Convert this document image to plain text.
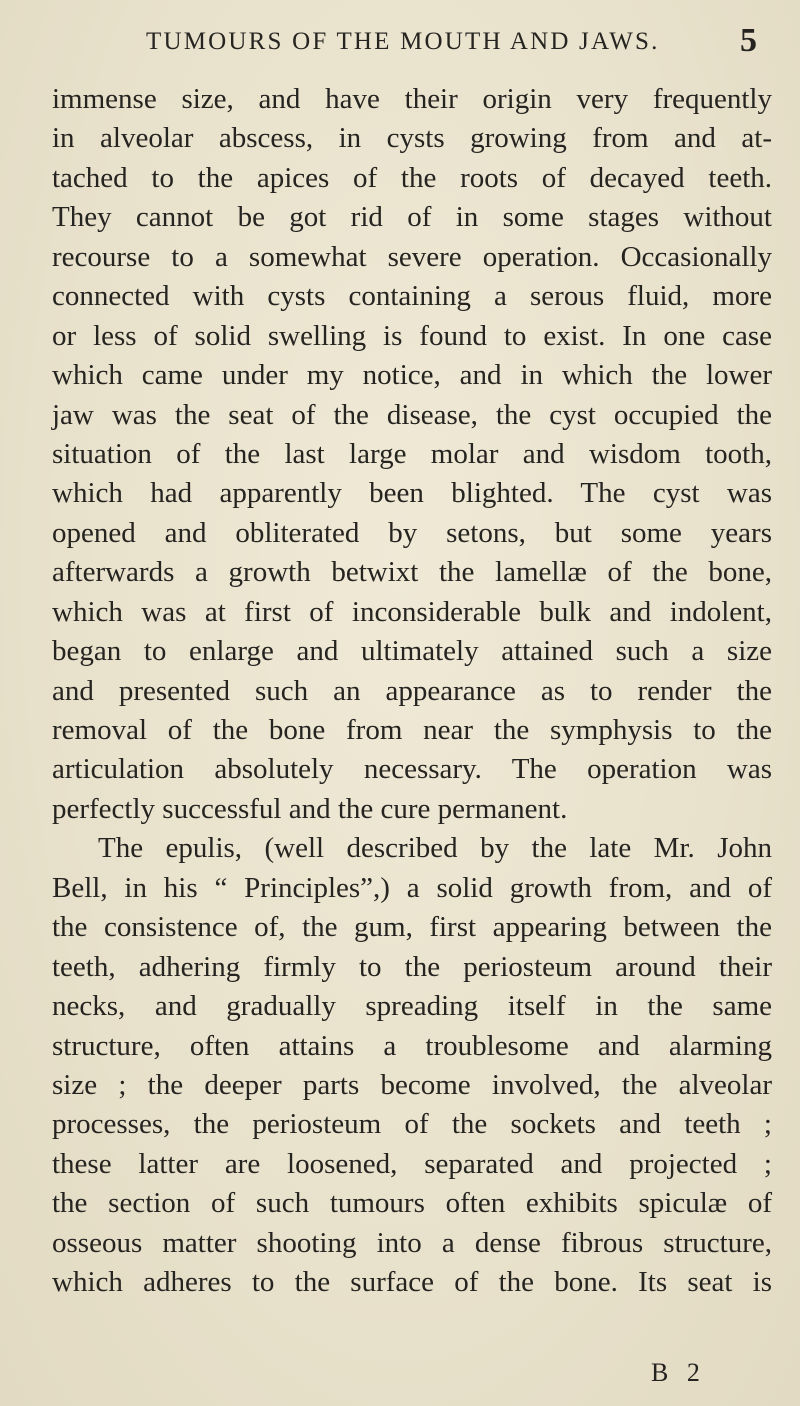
TUMOURS OF THE MOUTH AND JAWS. 5
immense size, and have their origin very frequently
in alveolar abscess, in cysts growing from and at-
tached to the apices of the roots of decayed teeth.
They cannot be got rid of in some stages without
recourse to a somewhat severe operation. Occasionally
connected with cysts containing a serous fluid, more
or less of solid swelling is found to exist. In one case
which came under my notice, and in which the lower
jaw was the seat of the disease, the cyst occupied the
situation of the last large molar and wisdom tooth,
which had apparently been blighted. The cyst was
opened and obliterated by setons, but some years
afterwards a growth betwixt the lamellæ of the bone,
which was at first of inconsiderable bulk and indolent,
began to enlarge and ultimately attained such a size
and presented such an appearance as to render the
removal of the bone from near the symphysis to the
articulation absolutely necessary. The operation was
perfectly successful and the cure permanent.
The epulis, (well described by the late Mr. John
Bell, in his “ Principles”,) a solid growth from, and of
the consistence of, the gum, first appearing between the
teeth, adhering firmly to the periosteum around their
necks, and gradually spreading itself in the same
structure, often attains a troublesome and alarming
size ; the deeper parts become involved, the alveolar
processes, the periosteum of the sockets and teeth ;
these latter are loosened, separated and projected ;
the section of such tumours often exhibits spiculæ of
osseous matter shooting into a dense fibrous structure,
which adheres to the surface of the bone. Its seat is
B 2
